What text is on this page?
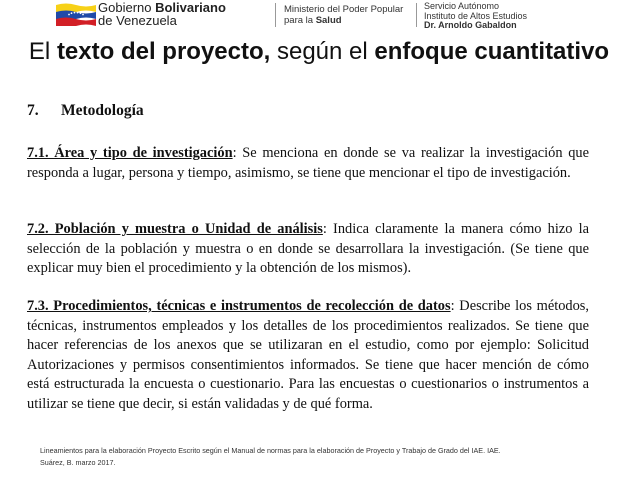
Gobierno Bolivariano
de Venezuela
Ministerio del Poder Popular
para la Salud
Servicio Autónomo
Instituto de Altos Estudios
Dr. Arnoldo Gabaldon
El texto del proyecto, según el enfoque cuantitativo
7. Metodología

7.1. Área y tipo de investigación: Se menciona en donde se va realizar la investigación que responda a lugar, persona y tiempo, asimismo, se tiene que mencionar el tipo de investigación.

7.2. Población y muestra o Unidad de análisis: Indica claramente la manera cómo hizo la selección de la población y muestra o en donde se desarrollara la investigación. (Se tiene que explicar muy bien el procedimiento y la obtención de los mismos).

7.3. Procedimientos, técnicas e instrumentos de recolección de datos: Describe los métodos, técnicas, instrumentos empleados y los detalles de los procedimientos realizados. Se tiene que hacer referencias de los anexos que se utilizaran en el estudio, como por ejemplo: Solicitud Autorizaciones y permisos consentimientos informados. Se tiene que hacer mención de cómo está estructurada la encuesta o cuestionario. Para las encuestas o cuestionarios o instrumentos a utilizar se tiene que decir, si están validadas y de qué forma.

Lineamientos para la elaboración Proyecto Escrito según el Manual de normas para la elaboración de Proyecto y Trabajo de Grado del IAE. IAE.
Suárez, B. marzo 2017.
